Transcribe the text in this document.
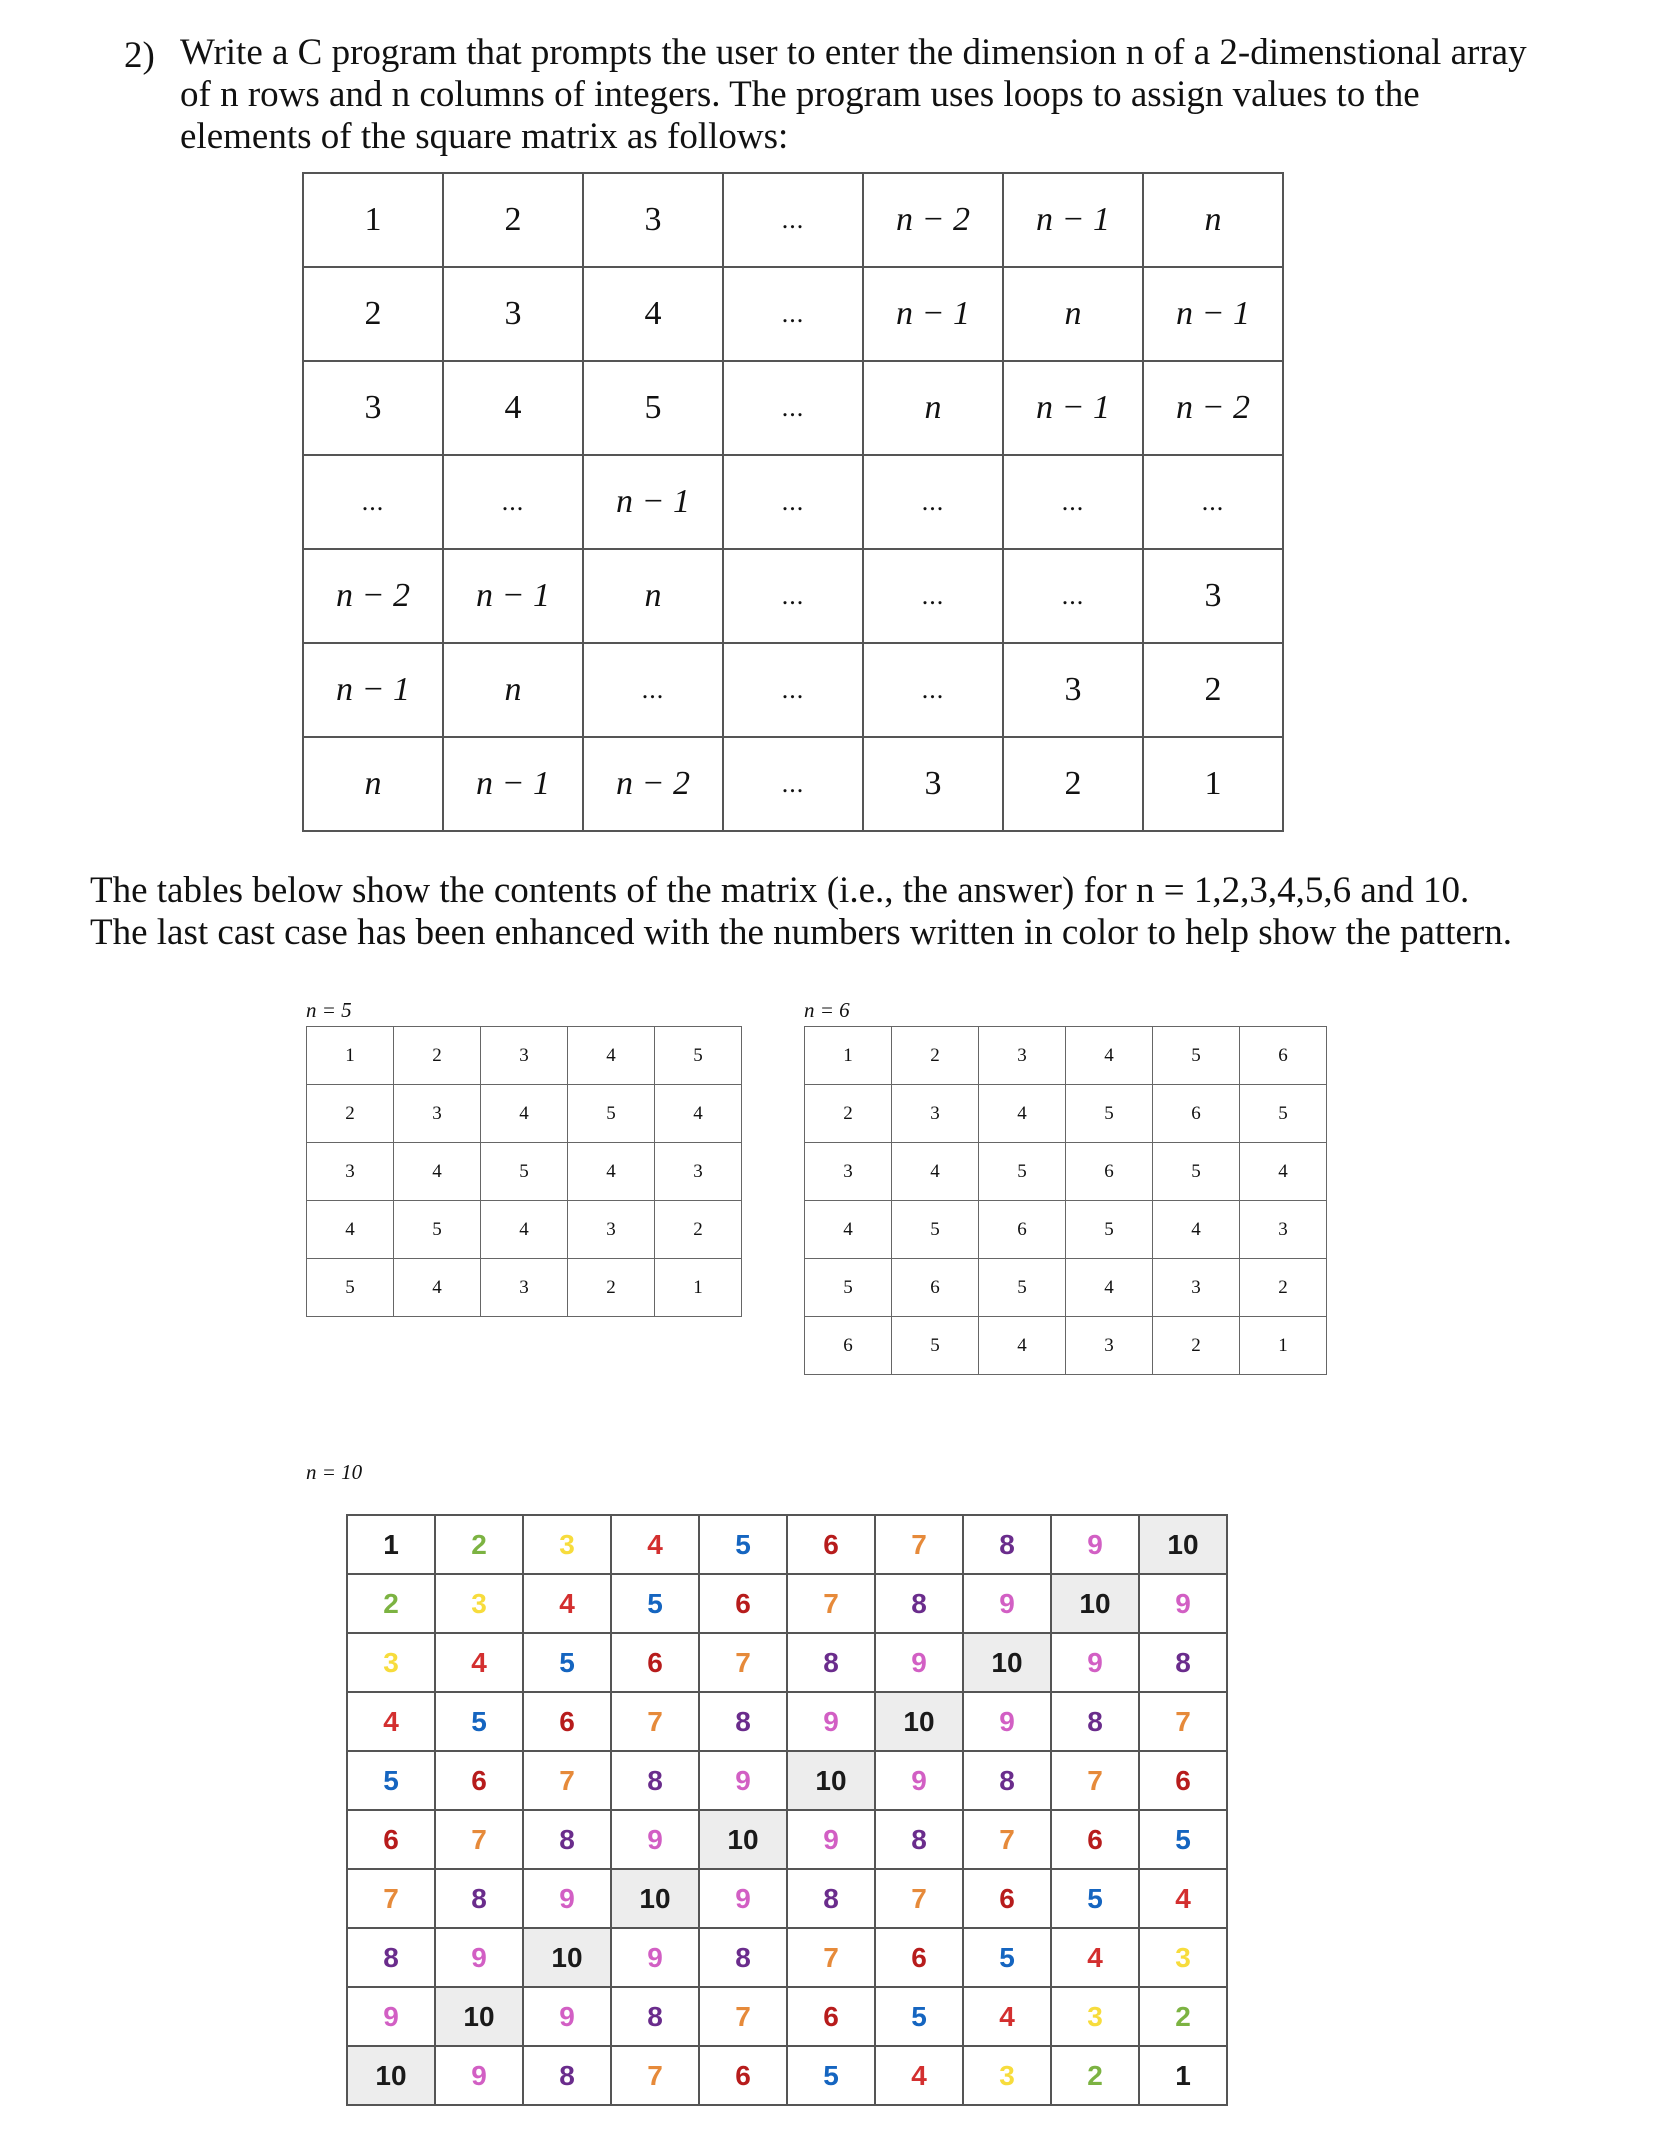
2) Write a C program that prompts the user to enter the dimension n of a 2-dimenstional array
of n rows and n columns of integers. The program uses loops to assign values to the
elements of the square matrix as follows:
1	2	3	...	n − 2	n − 1	n
2	3	4	...	n − 1	n	n − 1
3	4	5	...	n	n − 1	n − 2
...	...	n − 1	...	...	...	...
n − 2	n − 1	n	...	...	...	3
n − 1	n	...	...	...	3	2
n	n − 1	n − 2	...	3	2	1
The tables below show the contents of the matrix (i.e., the answer) for n = 1,2,3,4,5,6 and 10.
The last cast case has been enhanced with the numbers written in color to help show the pattern.
n = 5
1	2	3	4	5
2	3	4	5	4
3	4	5	4	3
4	5	4	3	2
5	4	3	2	1
n = 6
1	2	3	4	5	6
2	3	4	5	6	5
3	4	5	6	5	4
4	5	6	5	4	3
5	6	5	4	3	2
6	5	4	3	2	1
n = 10
1	2	3	4	5	6	7	8	9	10
2	3	4	5	6	7	8	9	10	9
3	4	5	6	7	8	9	10	9	8
4	5	6	7	8	9	10	9	8	7
5	6	7	8	9	10	9	8	7	6
6	7	8	9	10	9	8	7	6	5
7	8	9	10	9	8	7	6	5	4
8	9	10	9	8	7	6	5	4	3
9	10	9	8	7	6	5	4	3	2
10	9	8	7	6	5	4	3	2	1
